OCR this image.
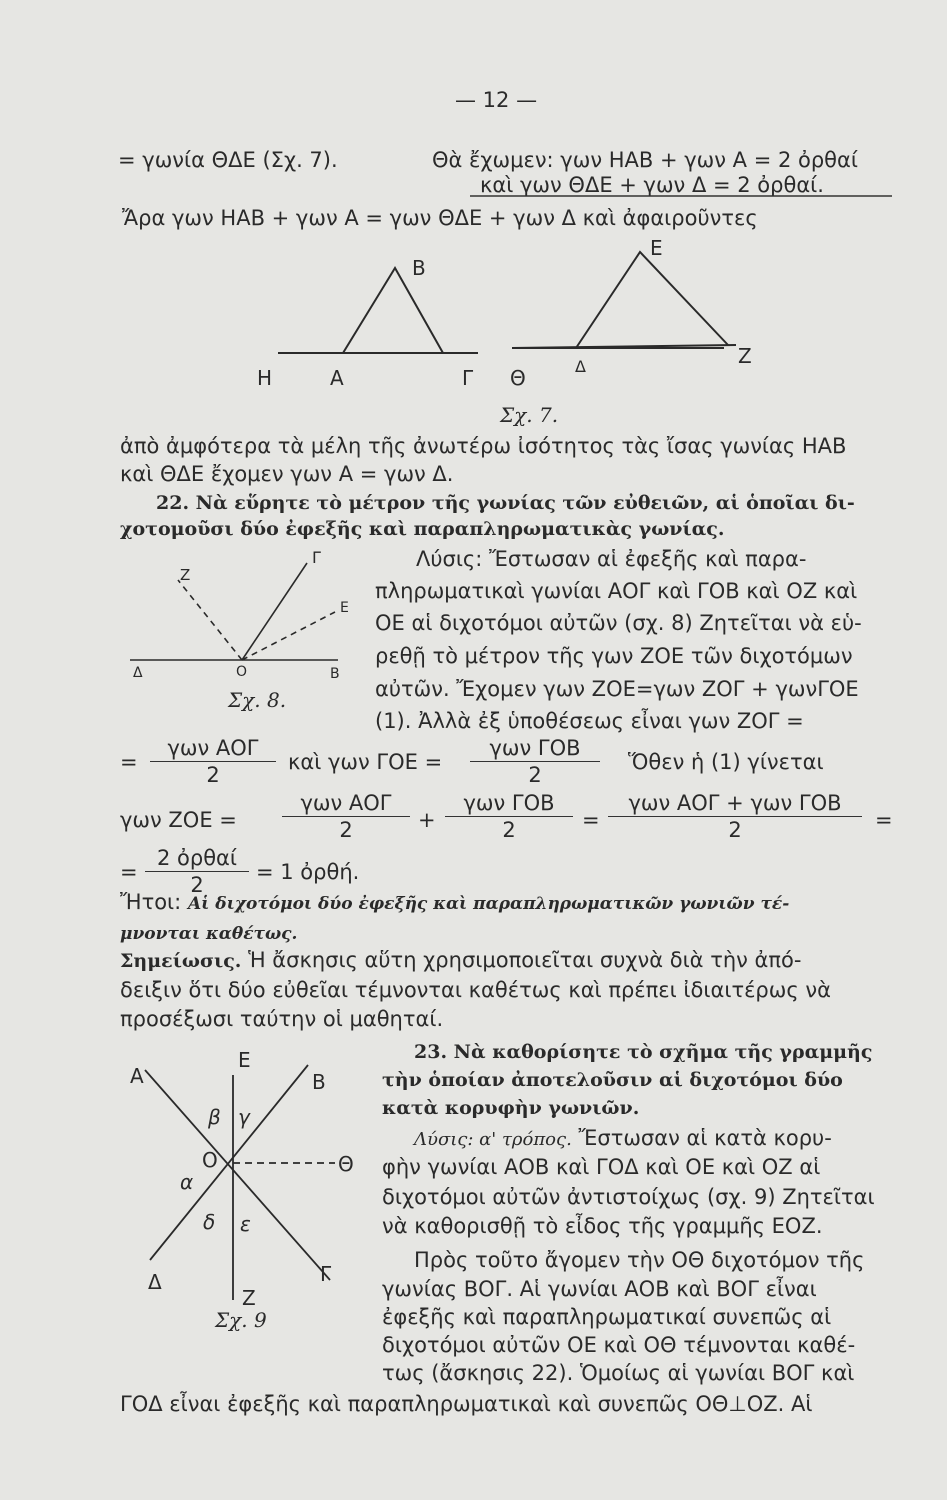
— 12 —
= γωνία ΘΔΕ (Σχ. 7).	Θὰ ἔχωμεν: γων ΗΑΒ + γων Α = 2 ὀρθαί
καὶ γων ΘΔΕ + γων Δ = 2 ὀρθαί.
Ἄρα γων ΗΑΒ + γων Α = γων ΘΔΕ + γων Δ καὶ ἀφαιροῦντες
Β
Η	Α	Γ
Ε
Θ	Δ	Ζ
Σχ. 7.
ἀπὸ ἀμφότερα τὰ μέλη τῆς ἀνωτέρω ἰσότητος τὰς ἴσας γωνίας ΗΑΒ
καὶ ΘΔΕ ἔχομεν γων Α = γων Δ.
22. Νὰ εὕρητε τὸ μέτρον τῆς γωνίας τῶν εὐθειῶν, αἱ ὁποῖαι δι-
χοτομοῦσι δύο ἐφεξῆς καὶ παραπληρωματικὰς γωνίας.
Λύσις: Ἔστωσαν αἱ ἐφεξῆς καὶ παρα-
πληρωματικαὶ γωνίαι ΑΟΓ καὶ ΓΟΒ καὶ ΟΖ καὶ
ΟΕ αἱ διχοτόμοι αὐτῶν (σχ. 8) Ζητεῖται νὰ εὑ-
ρεθῇ τὸ μέτρον τῆς γων ΖΟΕ τῶν διχοτόμων
αὐτῶν. Ἔχομεν γων ΖΟΕ=γων ΖΟΓ + γωνΓΟΕ
(1). Ἀλλὰ ἐξ ὑποθέσεως εἶναι γων ΖΟΓ =
Γ
Ζ
Ε
Δ	Ο	Β
Σχ. 8.
=
γων ΑΟΓ
2
καὶ γων ΓΟΕ =
γων ΓΟΒ
2
Ὅθεν ἡ (1) γίνεται
γων ΖΟΕ =
γων ΑΟΓ
2	+
γων ΓΟΒ
2	=
γων ΑΟΓ + γων ΓΟΒ
2	=
=
2 ὀρθαί
2
= 1 ὀρθή.
Ἤτοι: Αἱ διχοτόμοι δύο ἐφεξῆς καὶ παραπληρωματικῶν γωνιῶν τέ-
μνονται καθέτως.
Σημείωσις. Ἡ ἄσκησις αὕτη χρησιμοποιεῖται συχνὰ διὰ τὴν ἀπό-
δειξιν ὅτι δύο εὐθεῖαι τέμνονται καθέτως καὶ πρέπει ἰδιαιτέρως νὰ
προσέξωσι ταύτην οἱ μαθηταί.
23. Νὰ καθορίσητε τὸ σχῆμα τῆς γραμμῆς
τὴν ὁποίαν ἀποτελοῦσιν αἱ διχοτόμοι δύο
κατὰ κορυφὴν γωνιῶν.
Λύσις: α' τρόπος. Ἔστωσαν αἱ κατὰ κορυ-
φὴν γωνίαι ΑΟΒ καὶ ΓΟΔ καὶ ΟΕ καὶ ΟΖ αἱ
διχοτόμοι αὐτῶν ἀντιστοίχως (σχ. 9) Ζητεῖται
νὰ καθορισθῇ τὸ εἶδος τῆς γραμμῆς ΕΟΖ.
Πρὸς τοῦτο ἄγομεν τὴν ΟΘ διχοτόμον τῆς
γωνίας ΒΟΓ. Αἱ γωνίαι ΑΟΒ καὶ ΒΟΓ εἶναι
ἐφεξῆς καὶ παραπληρωματικαί συνεπῶς αἱ
διχοτόμοι αὐτῶν ΟΕ καὶ ΟΘ τέμνονται καθέ-
τως (ἄσκησις 22). Ὁμοίως αἱ γωνίαι ΒΟΓ καὶ
ΓΟΔ εἶναι ἐφεξῆς καὶ παραπληρωματικαὶ καὶ συνεπῶς ΟΘ⊥ΟΖ. Αἱ
Ε
Α	Β
β γ
Ο	Θ
α
δ ε
Δ	Γ
Ζ
Σχ. 9
